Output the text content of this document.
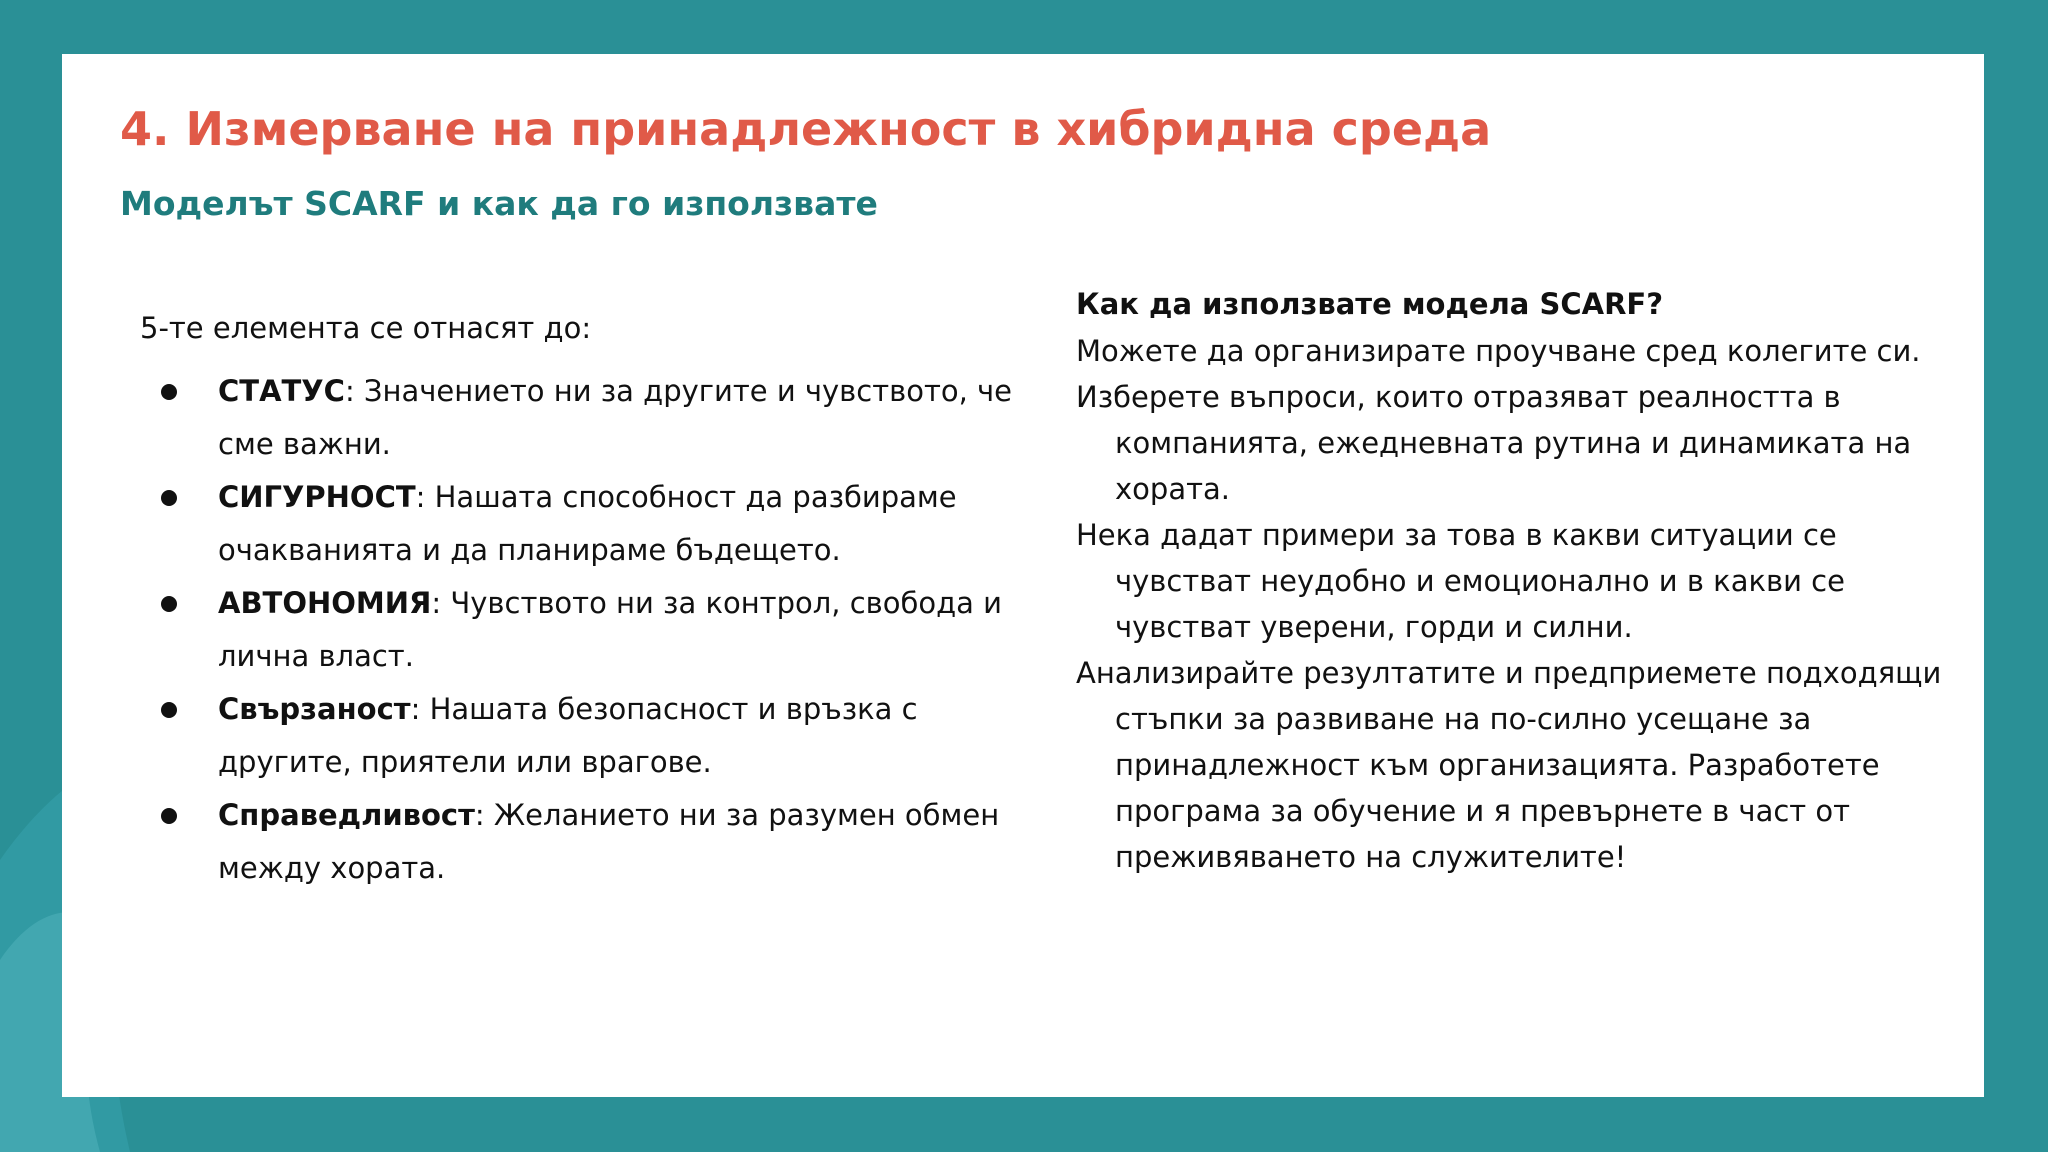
4. Измерване на принадлежност в хибридна среда
Моделът SCARF и как да го използвате

5-те елемента се отнасят до:

СТАТУС: Значението ни за другите и чувството, че сме важни.
СИГУРНОСТ: Нашата способност да разбираме очакванията и да планираме бъдещето.
АВТОНОМИЯ: Чувството ни за контрол, свобода и лична власт.
Свързаност: Нашата безопасност и връзка с другите, приятели или врагове.
Справедливост: Желанието ни за разумен обмен между хората.

Как да използвате модела SCARF?

Можете да организирате проучване сред колегите си.

Изберете въпроси, които отразяват реалността в компанията, ежедневната рутина и динамиката на хората.

Нека дадат примери за това в какви ситуации се чувстват неудобно и емоционално и в какви се чувстват уверени, горди и силни.

Анализирайте резултатите и предприемете подходящи стъпки за развиване на по-силно усещане за принадлежност към организацията. Разработете програма за обучение и я превърнете в част от преживяването на служителите!
